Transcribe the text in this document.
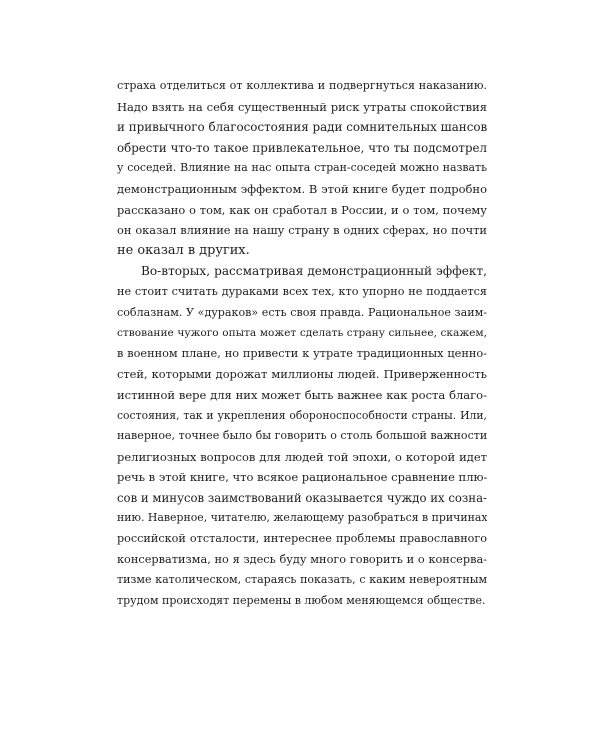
страха отделиться от коллектива и подвергнуться наказанию.
Надо взять на себя существенный риск утраты спокойствия
и привычного благосостояния ради сомнительных шансов
обрести что-то такое привлекательное, что ты подсмотрел
у соседей. Влияние на нас опыта стран-соседей можно назвать
демонстрационным эффектом. В этой книге будет подробно
рассказано о том, как он сработал в России, и о том, почему
он оказал влияние на нашу страну в одних сферах, но почти
не оказал в других.

Во-вторых, рассматривая демонстрационный эффект,
не стоит считать дураками всех тех, кто упорно не поддается
соблазнам. У «дураков» есть своя правда. Рациональное заим-
ствование чужого опыта может сделать страну сильнее, скажем,
в военном плане, но привести к утрате традиционных ценно-
стей, которыми дорожат миллионы людей. Приверженность
истинной вере для них может быть важнее как роста благо-
состояния, так и укрепления обороноспособности страны. Или,
наверное, точнее было бы говорить о столь большой важности
религиозных вопросов для людей той эпохи, о которой идет
речь в этой книге, что всякое рациональное сравнение плю-
сов и минусов заимствований оказывается чуждо их созна-
нию. Наверное, читателю, желающему разобраться в причинах
российской отсталости, интереснее проблемы православного
консерватизма, но я здесь буду много говорить и о консерва-
тизме католическом, стараясь показать, с каким невероятным
трудом происходят перемены в любом меняющемся обществе.
